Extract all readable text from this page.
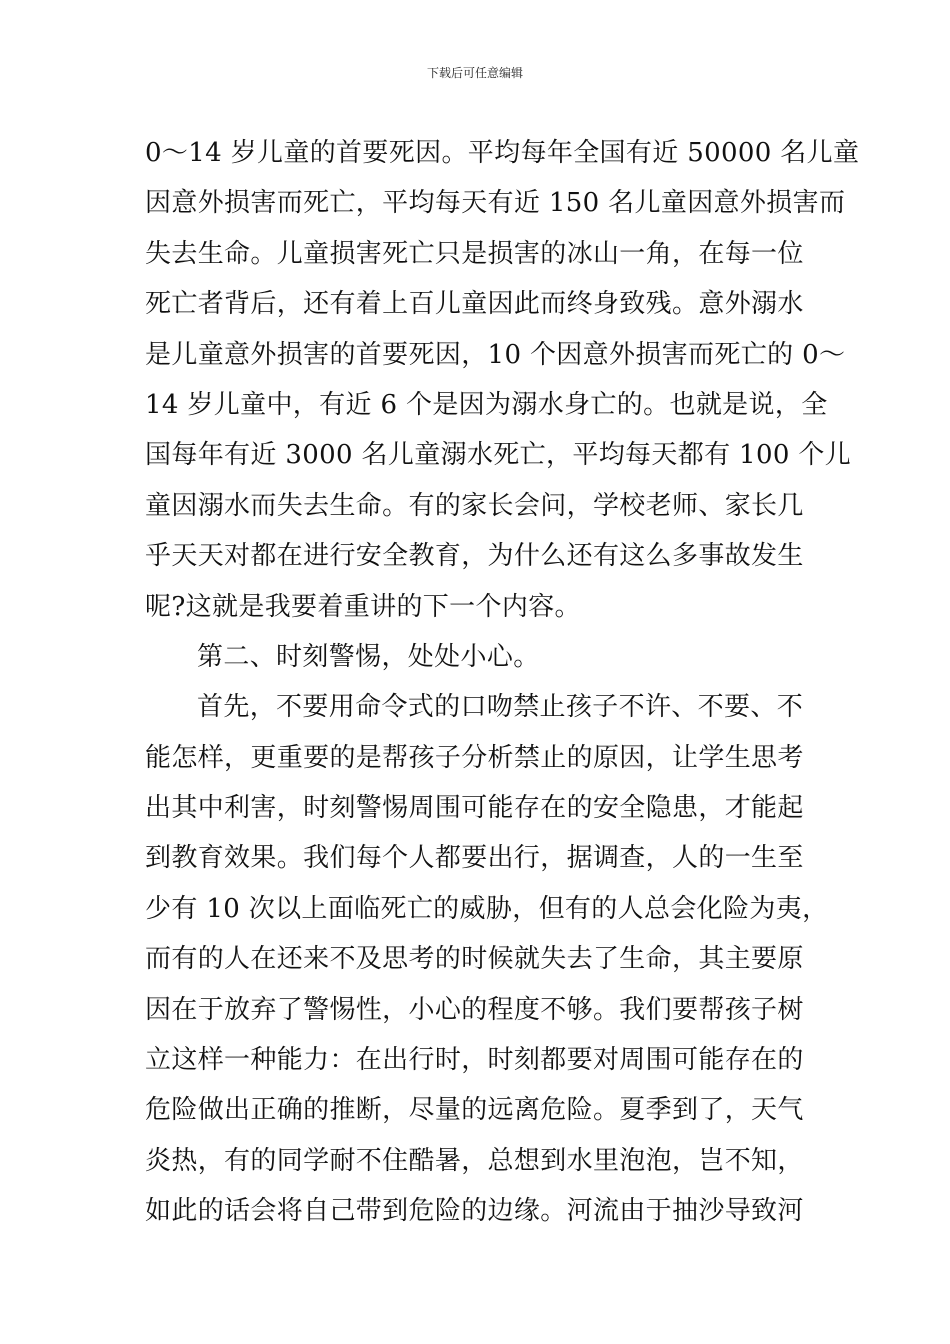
下载后可任意编辑
0～14 岁儿童的首要死因。平均每年全国有近 50000 名儿童
因意外损害而死亡，平均每天有近 150 名儿童因意外损害而
失去生命。儿童损害死亡只是损害的冰山一角，在每一位
死亡者背后，还有着上百儿童因此而终身致残。意外溺水
是儿童意外损害的首要死因，10 个因意外损害而死亡的 0～
14 岁儿童中，有近 6 个是因为溺水身亡的。也就是说，全
国每年有近 3000 名儿童溺水死亡，平均每天都有 100 个儿
童因溺水而失去生命。有的家长会问，学校老师、家长几
乎天天对都在进行安全教育，为什么还有这么多事故发生
呢?这就是我要着重讲的下一个内容。
第二、时刻警惕，处处小心。
首先，不要用命令式的口吻禁止孩子不许、不要、不
能怎样，更重要的是帮孩子分析禁止的原因，让学生思考
出其中利害，时刻警惕周围可能存在的安全隐患，才能起
到教育效果。我们每个人都要出行，据调查，人的一生至
少有 10 次以上面临死亡的威胁，但有的人总会化险为夷，
而有的人在还来不及思考的时候就失去了生命，其主要原
因在于放弃了警惕性，小心的程度不够。我们要帮孩子树
立这样一种能力：在出行时，时刻都要对周围可能存在的
危险做出正确的推断，尽量的远离危险。夏季到了，天气
炎热，有的同学耐不住酷暑，总想到水里泡泡，岂不知，
如此的话会将自己带到危险的边缘。河流由于抽沙导致河
